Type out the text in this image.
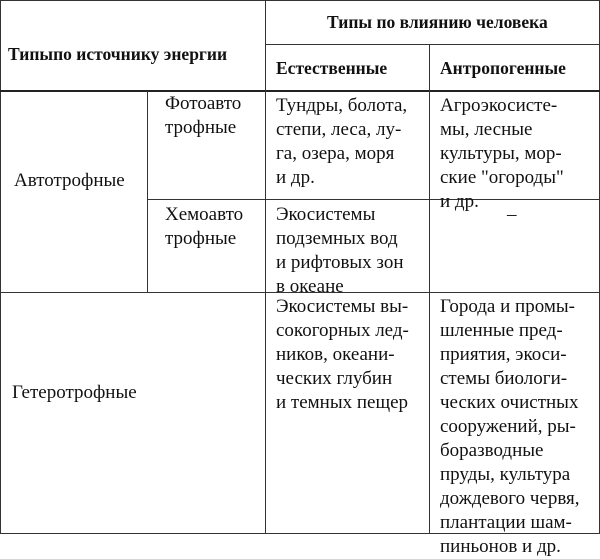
Типыпо источнику энергии
Типы по влиянию человека
Естественные	Антропогенные
Автотрофные
Фотоавто
трофные
Тундры, болота,
степи, леса, лу-
га, озера, моря
и др.
Агроэкосисте-
мы, лесные
культуры, мор-
ские "огороды"
и др.
Хемоавто
трофные
Экосистемы
подземных вод
и рифтовых зон
в океане
–
Гетеротрофные
Экосистемы вы-
сокогорных лед-
ников, океани-
ческих глубин
и темных пещер
Города и промы-
шленные пред-
приятия, экоси-
стемы биологи-
ческих очистных
сооружений, ры-
боразводные
пруды, культура
дождевого червя,
плантации шам-
пиньонов и др.
